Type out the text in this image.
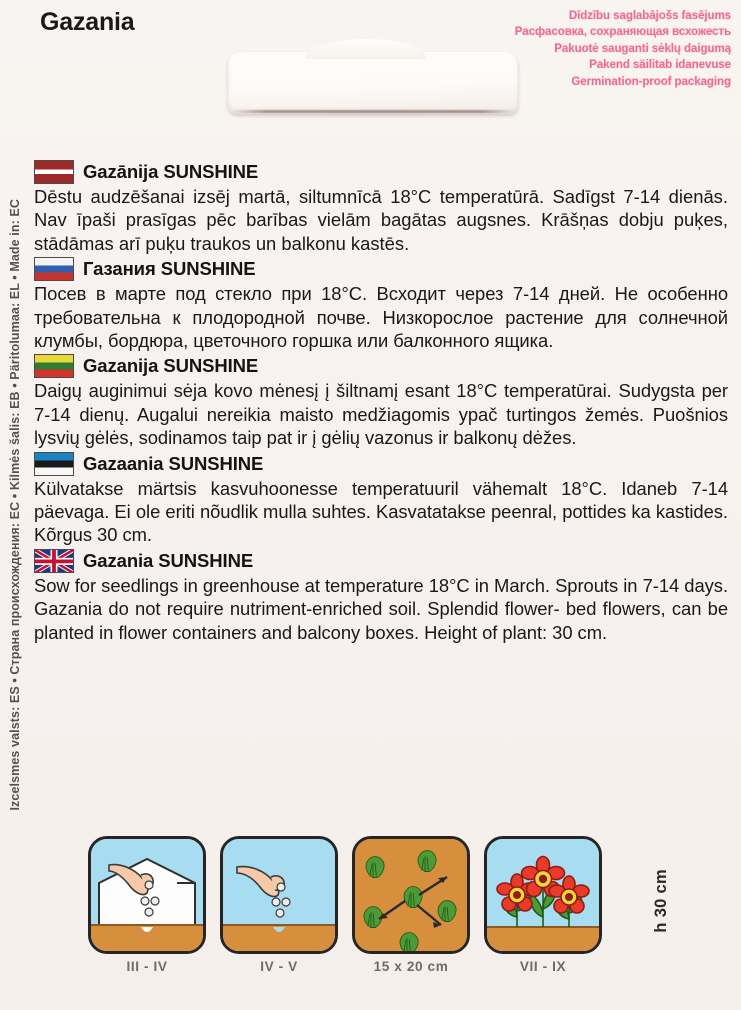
Izcelsmes valsts: ES • Страна происхождения: ЕС • Kilmės šalis: EB • Päritolumaa: EL • Made in: EC
Gazania	Dīdzību saglabājošs fasējums
Расфасовка, сохраняющая всхожесть
Pakuotė sauganti sėklų daigumą
Pakend säilitab idanevuse
Germination-proof packaging
Gazānija SUNSHINE

Dēstu audzēšanai izsēj martā, siltumnīcā 18°C temperatūrā. Sadīgst 7-14 dienās. Nav īpaši prasīgas pēc barības vielām bagātas augsnes. Krāšņas dobju puķes, stādāmas arī puķu traukos un balkonu kastēs.

Газания SUNSHINE

Посев в марте под стекло при 18°C. Всходит через 7-14 дней. Не особенно требовательна к плодородной почве. Низкорослое растение для солнечной клумбы, бордюра, цветочного горшка или балконного ящика.

Gazanija SUNSHINE

Daigų auginimui sėja kovo mėnesį į šiltnamį esant 18°C temperatūrai. Sudygsta per 7-14 dienų. Augalui nereikia maisto medžiagomis ypač turtingos žemės. Puošnios lysvių gėlės, sodinamos taip pat ir į gėlių vazonus ir balkonų dėžes.

Gazaania SUNSHINE

Külvatakse märtsis kasvuhoonesse temperatuuril vähemalt 18°C. Idaneb 7-14 päevaga. Ei ole eriti nõudlik mulla suhtes. Kasvatatakse peenral, pottides ka kastides. Kõrgus 30 cm.

Gazania SUNSHINE

Sow for seedlings in greenhouse at temperature 18°C in March. Sprouts in 7-14 days. Gazania do not require nutriment-enriched soil. Splendid flower- bed flowers, can be planted in flower containers and balcony boxes. Height of plant: 30 cm.

III - IV	IV - V	15 x 20 cm	VII - IX
h 30 cm
